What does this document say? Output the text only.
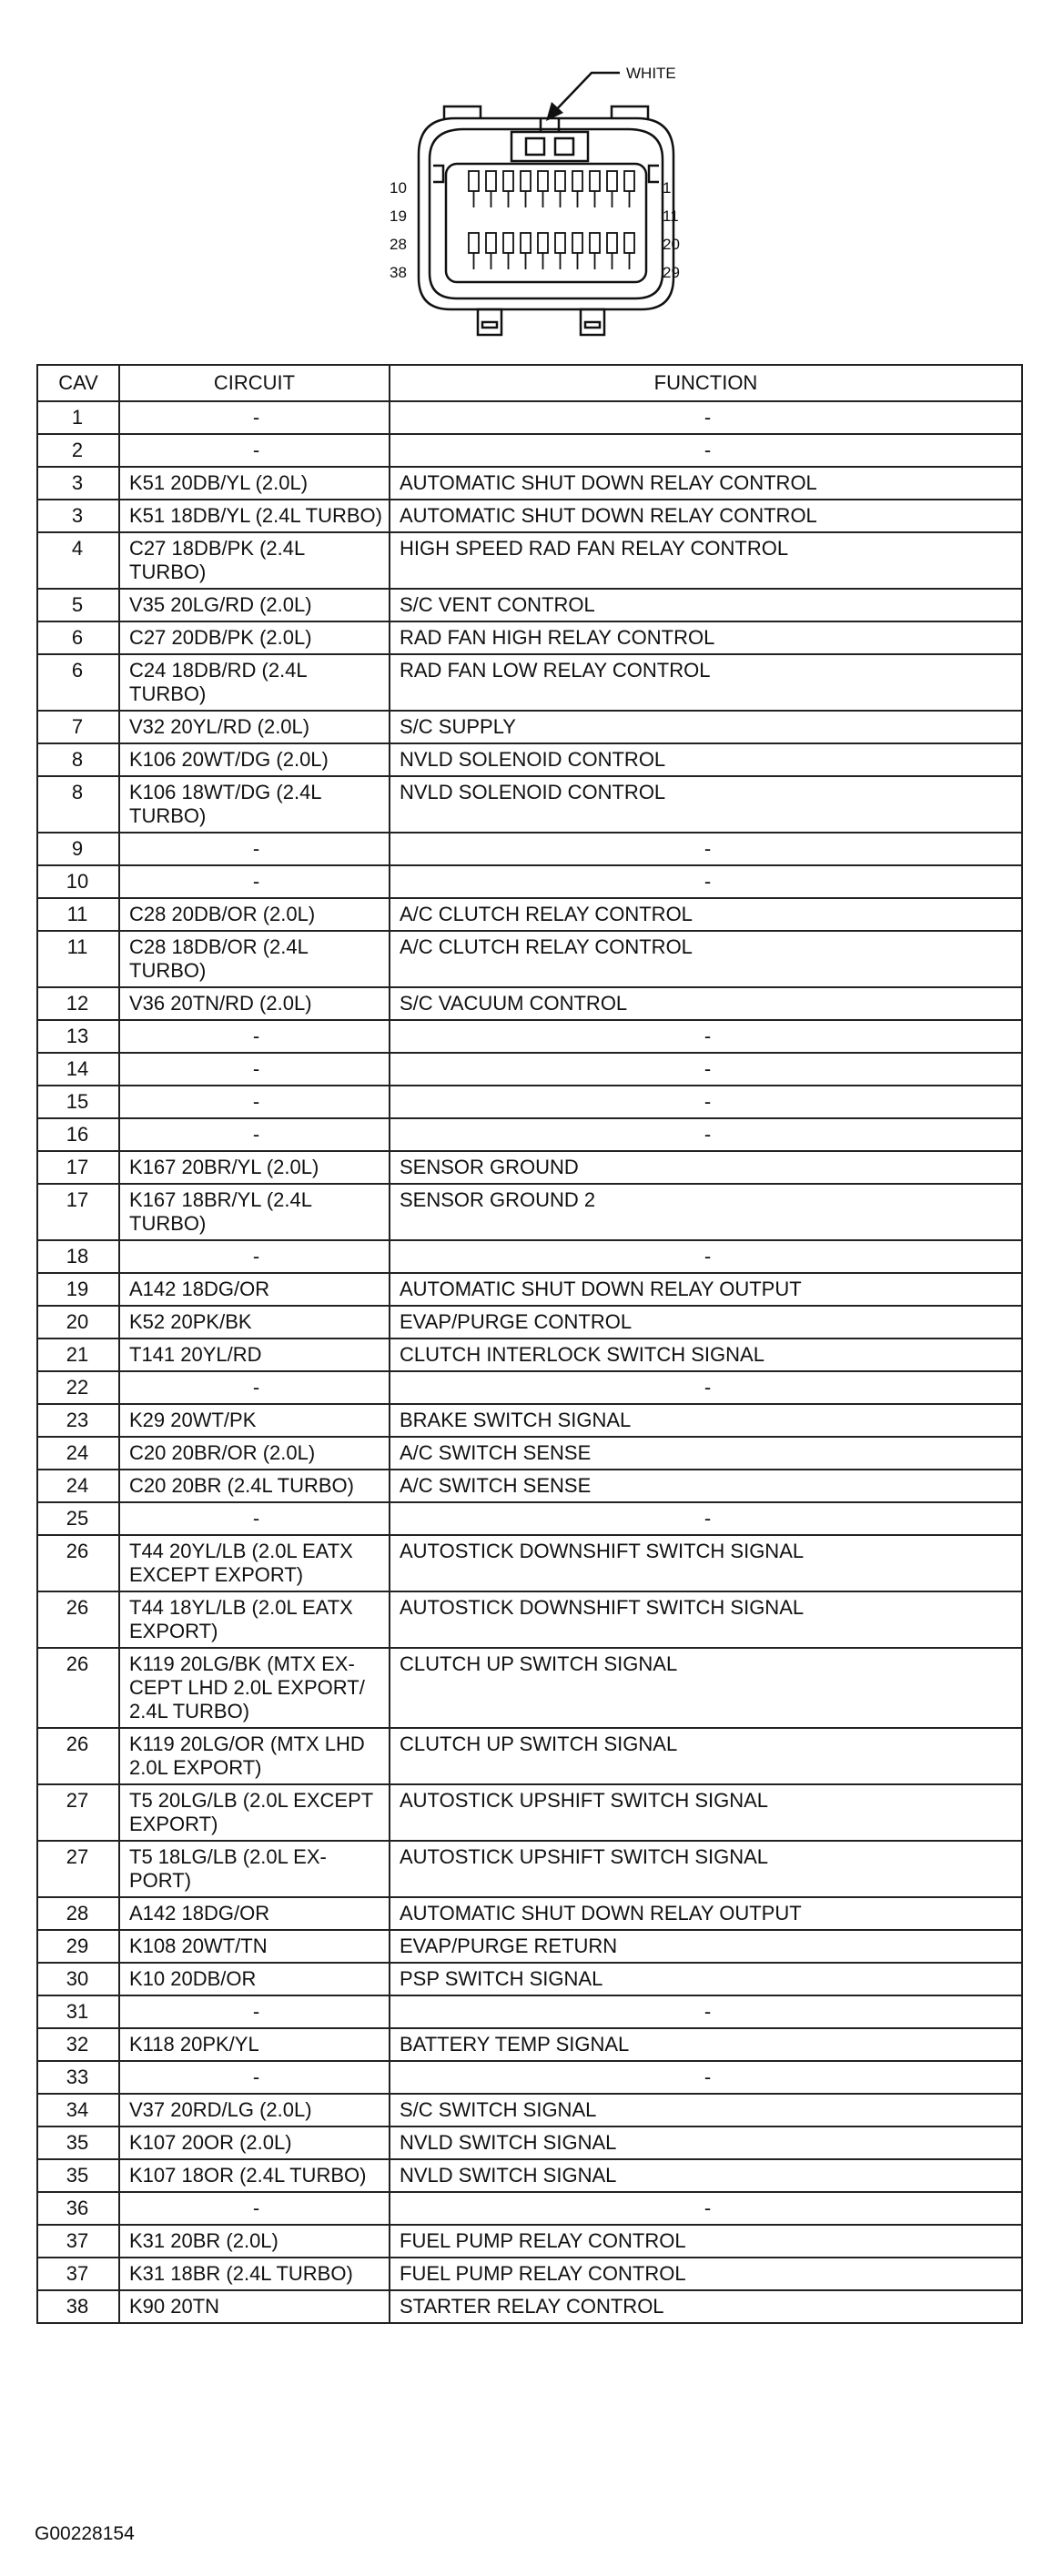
WHITE
10
19
28
38
1
11
20
29
CAV	CIRCUIT	FUNCTION
1	-	-
2	-	-
3	K51 20DB/YL (2.0L)	AUTOMATIC SHUT DOWN RELAY CONTROL
3	K51 18DB/YL (2.4L TURBO)	AUTOMATIC SHUT DOWN RELAY CONTROL
4	C27 18DB/PK (2.4L TURBO)	HIGH SPEED RAD FAN RELAY CONTROL
5	V35 20LG/RD (2.0L)	S/C VENT CONTROL
6	C27 20DB/PK (2.0L)	RAD FAN HIGH RELAY CONTROL
6	C24 18DB/RD (2.4L TURBO)	RAD FAN LOW RELAY CONTROL
7	V32 20YL/RD (2.0L)	S/C SUPPLY
8	K106 20WT/DG (2.0L)	NVLD SOLENOID CONTROL
8	K106 18WT/DG (2.4L TURBO)	NVLD SOLENOID CONTROL
9	-	-
10	-	-
11	C28 20DB/OR (2.0L)	A/C CLUTCH RELAY CONTROL
11	C28 18DB/OR (2.4L TURBO)	A/C CLUTCH RELAY CONTROL
12	V36 20TN/RD (2.0L)	S/C VACUUM CONTROL
13	-	-
14	-	-
15	-	-
16	-	-
17	K167 20BR/YL (2.0L)	SENSOR GROUND
17	K167 18BR/YL (2.4L TURBO)	SENSOR GROUND 2
18	-	-
19	A142 18DG/OR	AUTOMATIC SHUT DOWN RELAY OUTPUT
20	K52 20PK/BK	EVAP/PURGE CONTROL
21	T141 20YL/RD	CLUTCH INTERLOCK SWITCH SIGNAL
22	-	-
23	K29 20WT/PK	BRAKE SWITCH SIGNAL
24	C20 20BR/OR (2.0L)	A/C SWITCH SENSE
24	C20 20BR (2.4L TURBO)	A/C SWITCH SENSE
25	-	-
26	T44 20YL/LB (2.0L EATX EXCEPT EXPORT)	AUTOSTICK DOWNSHIFT SWITCH SIGNAL
26	T44 18YL/LB (2.0L EATX EXPORT)	AUTOSTICK DOWNSHIFT SWITCH SIGNAL
26	K119 20LG/BK (MTX EX-CEPT LHD 2.0L EXPORT/ 2.4L TURBO)	CLUTCH UP SWITCH SIGNAL
26	K119 20LG/OR (MTX LHD 2.0L EXPORT)	CLUTCH UP SWITCH SIGNAL
27	T5 20LG/LB (2.0L EXCEPT EXPORT)	AUTOSTICK UPSHIFT SWITCH SIGNAL
27	T5 18LG/LB (2.0L EX-PORT)	AUTOSTICK UPSHIFT SWITCH SIGNAL
28	A142 18DG/OR	AUTOMATIC SHUT DOWN RELAY OUTPUT
29	K108 20WT/TN	EVAP/PURGE RETURN
30	K10 20DB/OR	PSP SWITCH SIGNAL
31	-	-
32	K118 20PK/YL	BATTERY TEMP SIGNAL
33	-	-
34	V37 20RD/LG (2.0L)	S/C SWITCH SIGNAL
35	K107 20OR (2.0L)	NVLD SWITCH SIGNAL
35	K107 18OR (2.4L TURBO)	NVLD SWITCH SIGNAL
36	-	-
37	K31 20BR (2.0L)	FUEL PUMP RELAY CONTROL
37	K31 18BR (2.4L TURBO)	FUEL PUMP RELAY CONTROL
38	K90 20TN	STARTER RELAY CONTROL
G00228154
